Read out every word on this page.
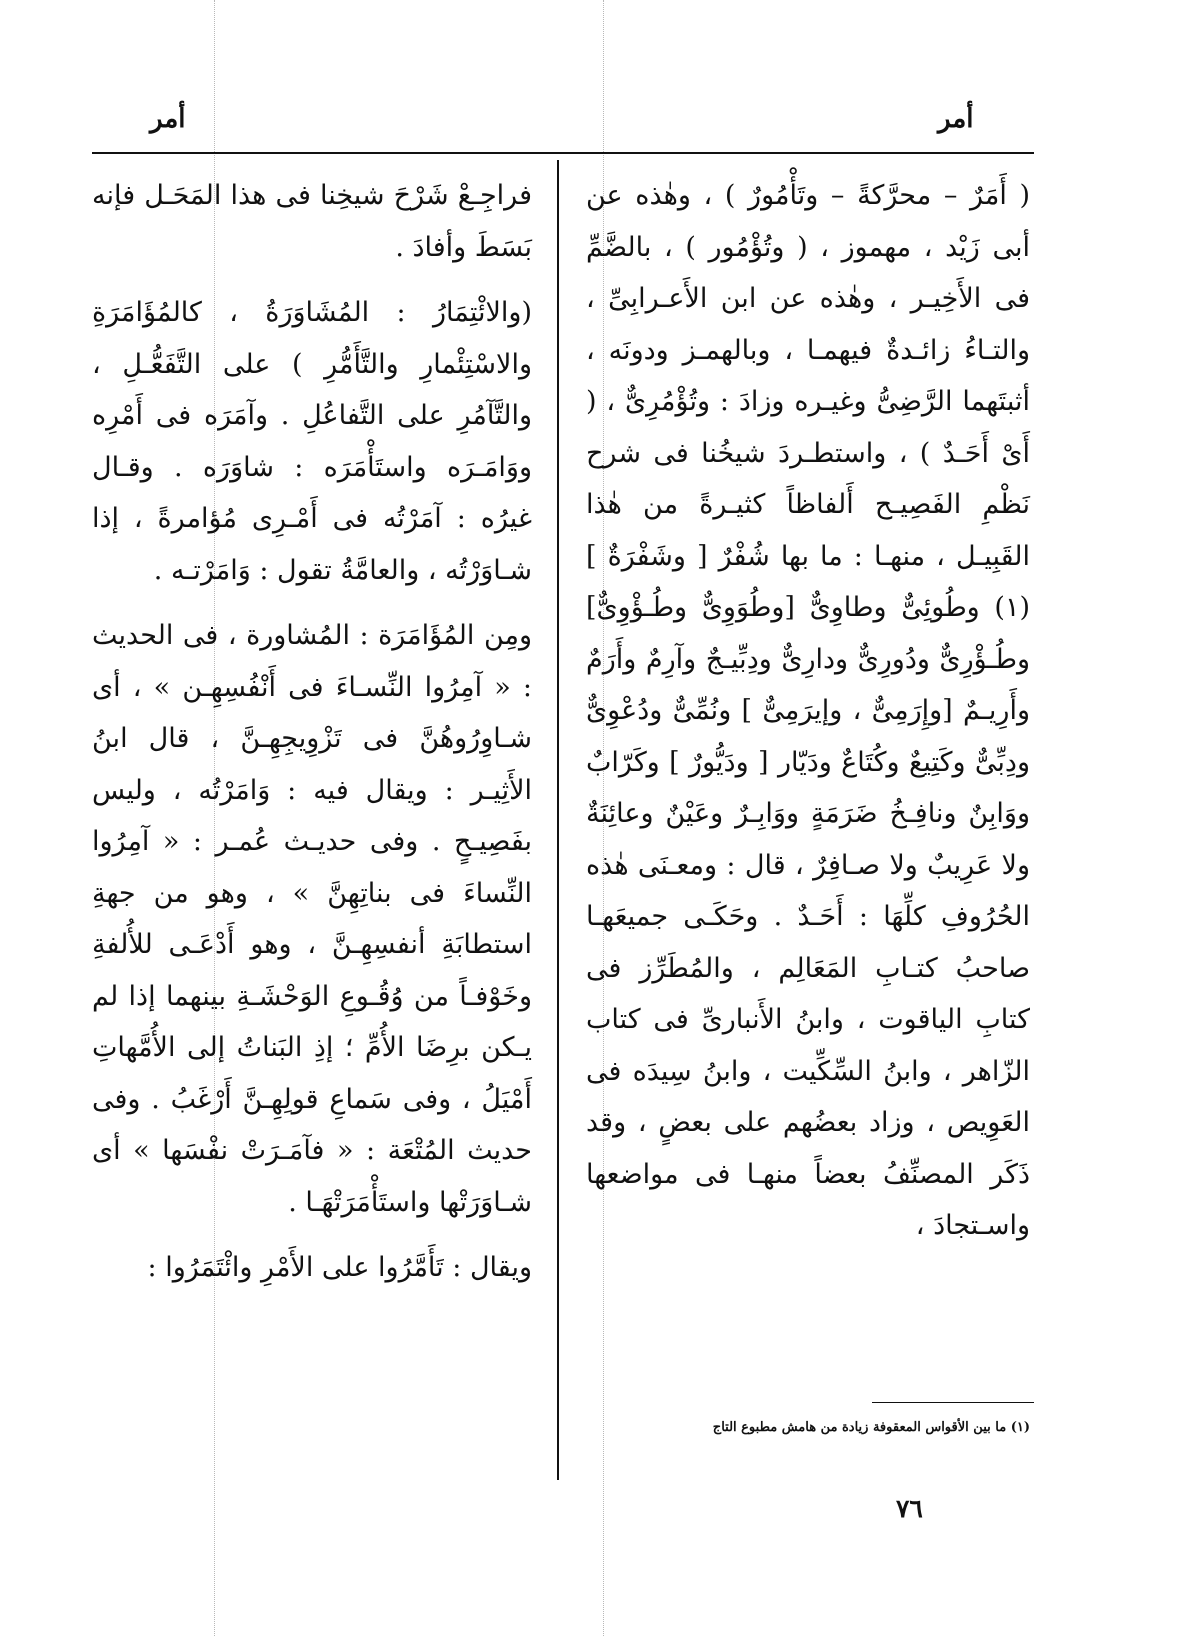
أمر	أمر

( أَمَرٌ – محرَّكةً – وتَأْمُورٌ ) ، وهٰذه عن أبى زَيْد ، مهموز ، ( وتُؤْمُور ) ، بالضَّمِّ فى الأَخِيـر ، وهٰذه عن ابن الأَعـرابِىِّ ، والتـاءُ زائـدةٌ فيهمـا ، وبالهمـز ودونَه ، أثبتَهما الرَّضِىُّ وغيـره وزادَ : وتُؤْمُرِىٌّ ، ( أَىْ أَحَـدٌ ) ، واستطـردَ شيخُنا فى شرح نَظْمِ الفَصِيـح أَلفاظاً كثيـرةً من هٰذا القَبِيـل ، منهـا : ما بها شُفْرٌ [ وشَفْرَةٌ ] (١) وطُوئِىٌّ وطاوِىٌّ [وطُوَوِىٌّ وطُـؤْوِىٌّ] وطُـؤْرِىٌّ ودُورِىٌّ ودارِىٌّ ودِبِّيـجٌ وآرِمٌ وأَرَمٌ وأَرِيـمٌ [وإِرَمِىٌّ ، وإيرَمِىٌّ ] ونُمِّىٌّ ودُعْوِىٌّ ودِبِّىٌّ وكَتِيعٌ وكُتَاعٌ ودَيّار [ ودَيُّورٌ ] وكَرّابٌ ووَابِنٌ ونافِـخُ ضَرَمَةٍ ووَابِـرٌ وعَيْنٌ وعائِنَةٌ ولا عَرِيبٌ ولا صـافِرٌ ، قال : ومعـنَى هٰذه الحُرُوفِ كلِّهَا : أَحَـدٌ . وحَكَـى جميعَهـا صاحبُ كتـابِ المَعَالِم ، والمُطَرِّز فى كتابِ الياقوت ، وابنُ الأَنبارىِّ فى كتاب الزّاهر ، وابنُ السِّكِّيت ، وابنُ سِيدَه فى العَوِيص ، وزاد بعضُهم على بعضٍ ، وقد ذَكَر المصنِّفُ بعضاً منهـا فى مواضعها واسـتجادَ ،

فراجِـعْ شَرْحَ شيخِنا فى هذا المَحَـل فإنه بَسَطَ وأفادَ .

(والائْتِمَارُ : المُشَاوَرَةُ ، كالمُؤَامَرَةِ والاسْتِئْمارِ والتَّأَمُّرِ ) على التَّفَعُّـلِ ، والتَّآمُرِ على التَّفاعُلِ . وآمَرَه فى أَمْرِه ووَامَـرَه واستَأْمَرَه : شاوَرَه . وقـال غيرُه : آمَرْتُه فى أَمْـرِى مُؤامرةً ، إذا شـاوَرْتُه ، والعامَّةُ تقول : وَامَرْتـه .

ومِن المُؤَامَرَة : المُشاورة ، فى الحديث : « آمِرُوا النِّسـاءَ فى أَنْفُسِهِـن » ، أى شـاوِرُوهُنَّ فى تَزْوِيجِهِـنَّ ، قال ابنُ الأَثِيـر : ويقال فيه : وَامَرْتُه ، وليس بفَصِيـحٍ . وفى حديـث عُمـر : « آمِرُوا النِّساءَ فى بناتِهِنَّ » ، وهو من جهةِ استطابَةِ أنفسِهِـنَّ ، وهو أَدْعَـى للأُلفةِ وخَوْفـاً من وُقُـوعِ الوَحْشَـةِ بينهما إذا لم يـكن برِضَا الأُمِّ ؛ إذِ البَناتُ إلى الأُمَّهاتِ أَمْيَلُ ، وفى سَماعِ قولِهِـنَّ أَرْغَبُ . وفى حديث المُتْعَة : « فآمَـرَتْ نفْسَها » أى شـاوَرَتْها واستَأْمَرَتْهَـا .

ويقال : تَأَمَّرُوا على الأَمْرِ وائْتَمَرُوا :

(١) ما بين الأقواس المعقوفة زيادة من هامش مطبوع التاج
٧٦
